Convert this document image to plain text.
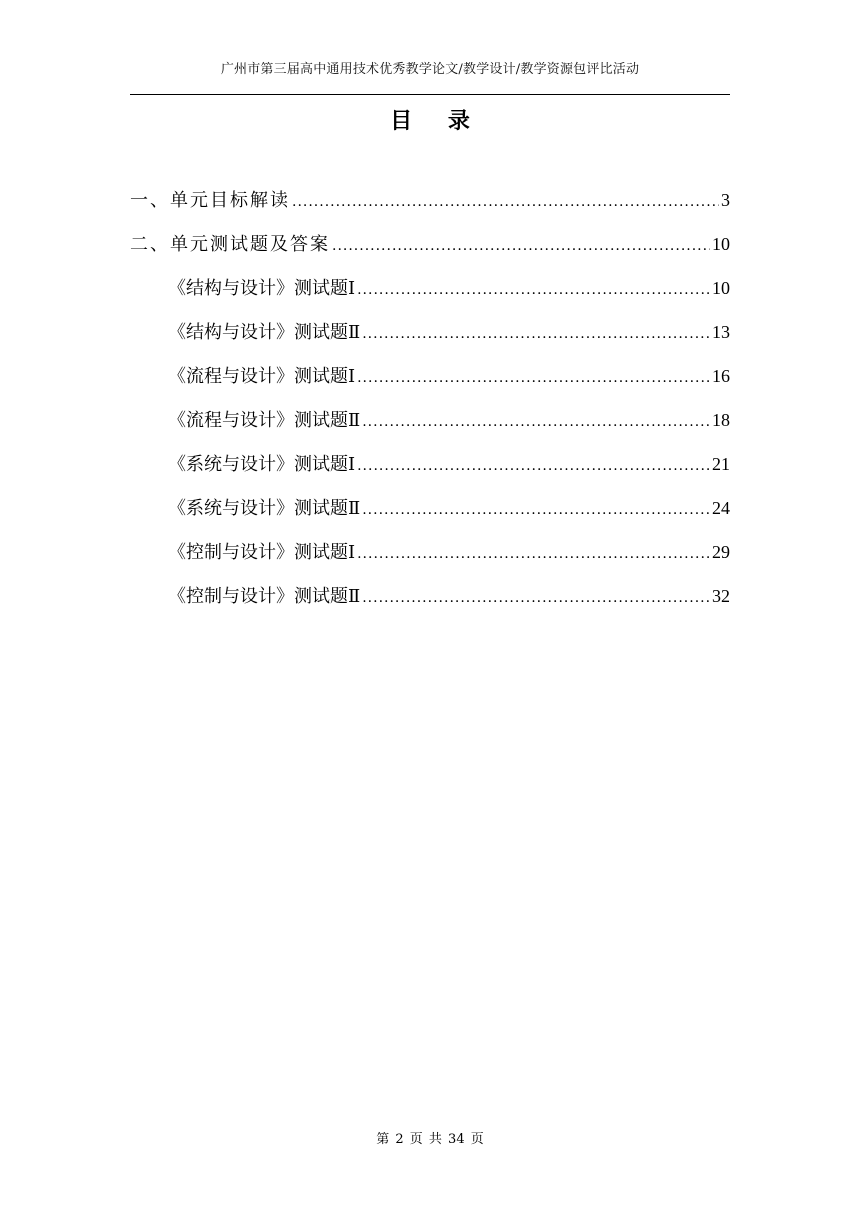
广州市第三届高中通用技术优秀教学论文/教学设计/教学资源包评比活动
目 录
一、单元目标解读 .....	3
二、单元测试题及答案 .....	10
《结构与设计》测试题Ⅰ .....	10
《结构与设计》测试题Ⅱ .....	13
《流程与设计》测试题Ⅰ .....	16
《流程与设计》测试题Ⅱ .....	18
《系统与设计》测试题Ⅰ .....	21
《系统与设计》测试题Ⅱ .....	24
《控制与设计》测试题Ⅰ .....	29
《控制与设计》测试题Ⅱ .....	32
第 2 页 共 34 页
